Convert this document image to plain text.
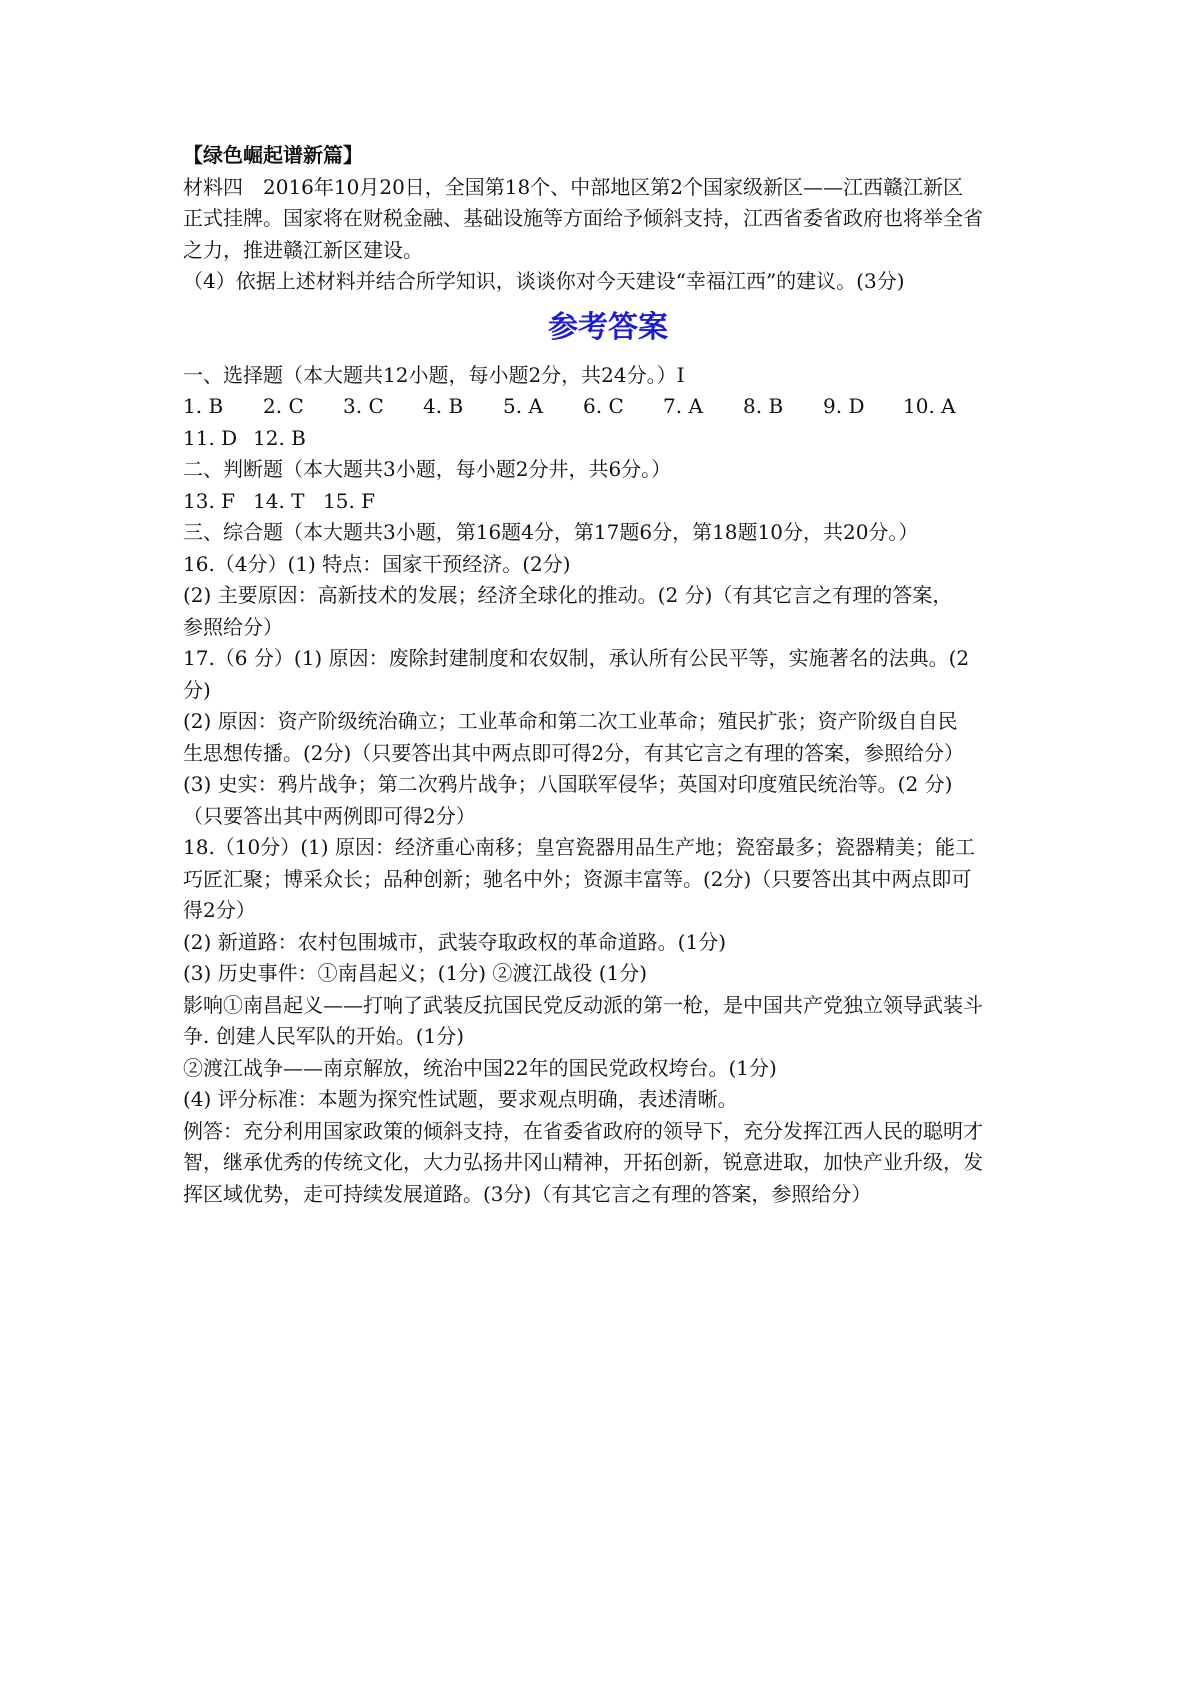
【绿色崛起谱新篇】
材料四　2016年10月20日，全国第18个、中部地区第2个国家级新区——江西赣江新区
正式挂牌。国家将在财税金融、基础设施等方面给予倾斜支持，江西省委省政府也将举全省
之力，推进赣江新区建设。
（4）依据上述材料并结合所学知识，谈谈你对今天建设“幸福江西”的建议。(3分)
参考答案
一、选择题（本大题共12小题，每小题2分，共24分。）I
1. B	2. C	3. C	4. B	5. A	6. C	7. A	8. B	9. D	10. A
11. D 12. B
二、判断题（本大题共3小题，每小题2分井，共6分。）
13. F 14. T 15. F
三、综合题（本大题共3小题，第16题4分，第17题6分，第18题10分，共20分。）
16.（4分）(1) 特点：国家干预经济。(2分)
(2) 主要原因：高新技术的发展；经济全球化的推动。(2 分)（有其它言之有理的答案，
参照给分）
17.（6 分）(1) 原因：废除封建制度和农奴制，承认所有公民平等，实施著名的法典。(2
分)
(2) 原因：资产阶级统治确立；工业革命和第二次工业革命；殖民扩张；资产阶级自自民
生思想传播。(2分)（只要答出其中两点即可得2分，有其它言之有理的答案，参照给分）
(3) 史实：鸦片战争；第二次鸦片战争；八国联军侵华；英国对印度殖民统治等。(2 分)
（只要答出其中两例即可得2分）
18.（10分）(1) 原因：经济重心南移；皇宫瓷器用品生产地；瓷窑最多；瓷器精美；能工
巧匠汇聚；博采众长；品种创新；驰名中外；资源丰富等。(2分)（只要答出其中两点即可
得2分）
(2) 新道路：农村包围城市，武装夺取政权的革命道路。(1分)
(3) 历史事件：①南昌起义；(1分) ②渡江战役 (1分)
影响①南昌起义——打响了武装反抗国民党反动派的第一枪，是中国共产党独立领导武装斗
争. 创建人民军队的开始。(1分)
②渡江战争——南京解放，统治中国22年的国民党政权垮台。(1分)
(4) 评分标准：本题为探究性试题，要求观点明确，表述清晰。
例答：充分利用国家政策的倾斜支持，在省委省政府的领导下，充分发挥江西人民的聪明才
智，继承优秀的传统文化，大力弘扬井冈山精神，开拓创新，锐意进取，加快产业升级，发
挥区域优势，走可持续发展道路。(3分)（有其它言之有理的答案，参照给分）
